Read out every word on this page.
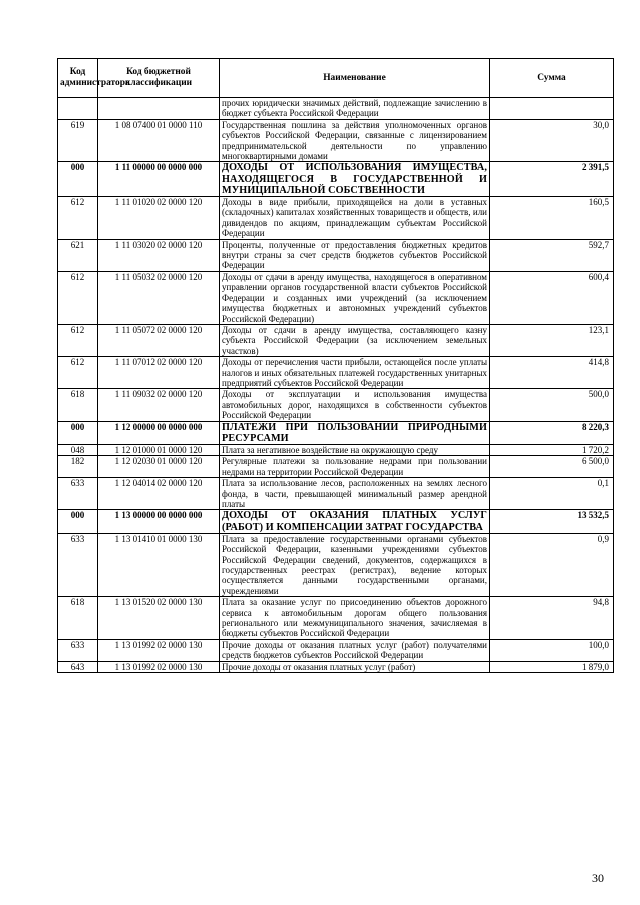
Код администратора	Код бюджетной классификации	Наименование	Сумма
		прочих юридически значимых действий, подлежащие зачислению в бюджет субъекта Российской Федерации	
619	1 08 07400 01 0000 110	Государственная пошлина за действия уполномоченных органов субъектов Российской Федерации, связанные с лицензированием предпринимательской деятельности по управлению многоквартирными домами	30,0
000	1 11 00000 00 0000 000	ДОХОДЫ ОТ ИСПОЛЬЗОВАНИЯ ИМУЩЕСТВА, НАХОДЯЩЕГОСЯ В ГОСУДАРСТВЕННОЙ И МУНИЦИПАЛЬНОЙ СОБСТВЕННОСТИ	2 391,5
612	1 11 01020 02 0000 120	Доходы в виде прибыли, приходящейся на доли в уставных (складочных) капиталах хозяйственных товариществ и обществ, или дивидендов по акциям, принадлежащим субъектам Российской Федерации	160,5
621	1 11 03020 02 0000 120	Проценты, полученные от предоставления бюджетных кредитов внутри страны за счет средств бюджетов субъектов Российской Федерации	592,7
612	1 11 05032 02 0000 120	Доходы от сдачи в аренду имущества, находящегося в оперативном управлении органов государственной власти субъектов Российской Федерации и созданных ими учреждений (за исключением имущества бюджетных и автономных учреждений субъектов Российской Федерации)	600,4
612	1 11 05072 02 0000 120	Доходы от сдачи в аренду имущества, составляющего казну субъекта Российской Федерации (за исключением земельных участков)	123,1
612	1 11 07012 02 0000 120	Доходы от перечисления части прибыли, остающейся после уплаты налогов и иных обязательных платежей государственных унитарных предприятий субъектов Российской Федерации	414,8
618	1 11 09032 02 0000 120	Доходы от эксплуатации и использования имущества автомобильных дорог, находящихся в собственности субъектов Российской Федерации	500,0
000	1 12 00000 00 0000 000	ПЛАТЕЖИ ПРИ ПОЛЬЗОВАНИИ ПРИРОДНЫМИ РЕСУРСАМИ	8 220,3
048	1 12 01000 01 0000 120	Плата за негативное воздействие на окружающую среду	1 720,2
182	1 12 02030 01 0000 120	Регулярные платежи за пользование недрами при пользовании недрами на территории Российской Федерации	6 500,0
633	1 12 04014 02 0000 120	Плата за использование лесов, расположенных на землях лесного фонда, в части, превышающей минимальный размер арендной платы	0,1
000	1 13 00000 00 0000 000	ДОХОДЫ ОТ ОКАЗАНИЯ ПЛАТНЫХ УСЛУГ (РАБОТ) И КОМПЕНСАЦИИ ЗАТРАТ ГОСУДАРСТВА	13 532,5
633	1 13 01410 01 0000 130	Плата за предоставление государственными органами субъектов Российской Федерации, казенными учреждениями субъектов Российской Федерации сведений, документов, содержащихся в государственных реестрах (регистрах), ведение которых осуществляется данными государственными органами, учреждениями	0,9
618	1 13 01520 02 0000 130	Плата за оказание услуг по присоединению объектов дорожного сервиса к автомобильным дорогам общего пользования регионального или межмуниципального значения, зачисляемая в бюджеты субъектов Российской Федерации	94,8
633	1 13 01992 02 0000 130	Прочие доходы от оказания платных услуг (работ) получателями средств бюджетов субъектов Российской Федерации	100,0
643	1 13 01992 02 0000 130	Прочие доходы от оказания платных услуг (работ)	1 879,0
30
